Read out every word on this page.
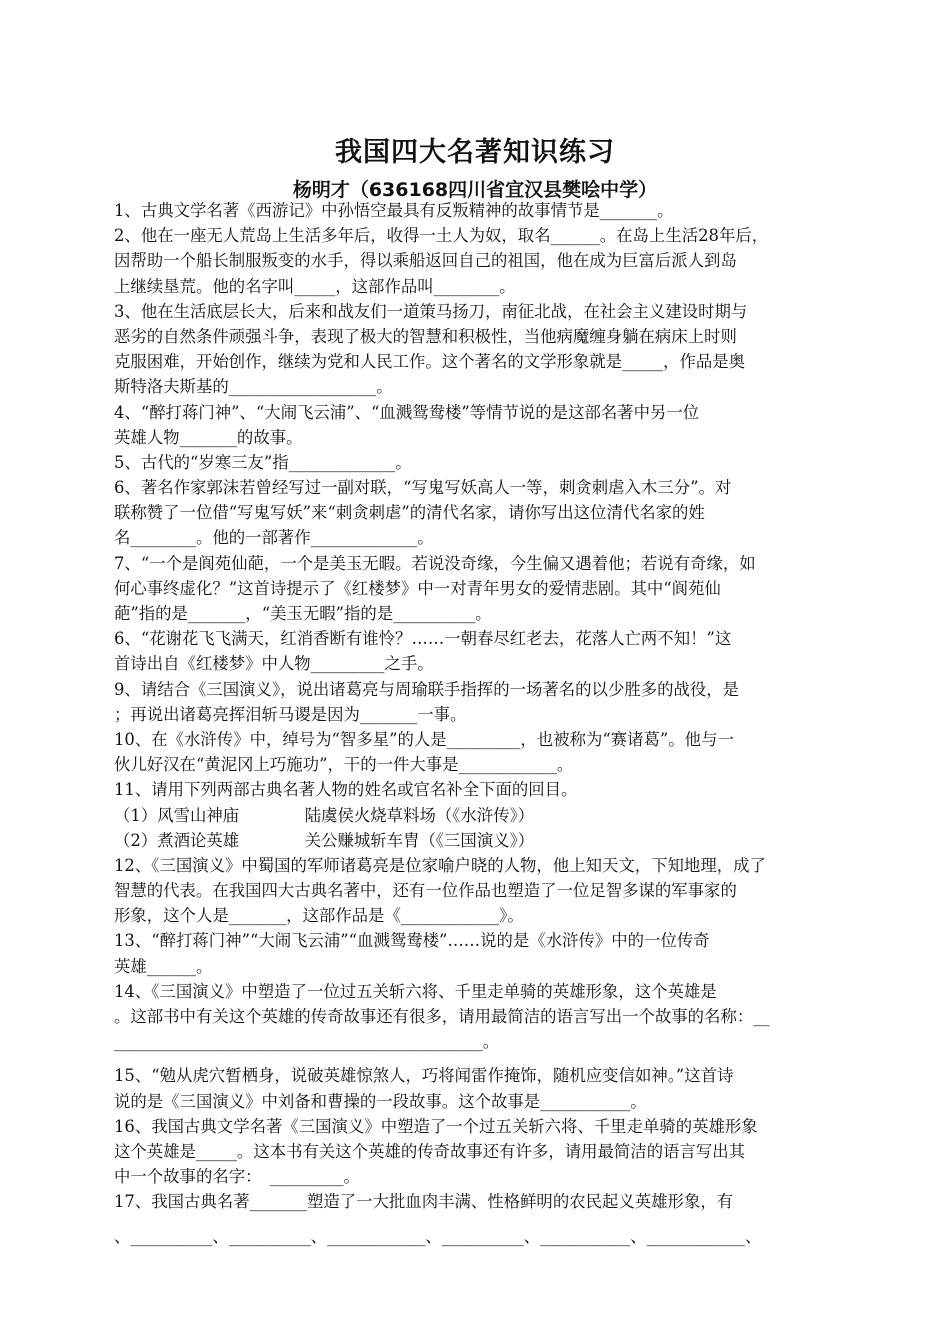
我国四大名著知识练习
杨明才（636168四川省宜汉县樊哙中学）
1、古典文学名著《西游记》中孙悟空最具有反叛精神的故事情节是_______。
2、他在一座无人荒岛上生活多年后，收得一土人为奴，取名______。在岛上生活28年后，
因帮助一个船长制服叛变的水手，得以乘船返回自己的祖国，他在成为巨富后派人到岛
上继续垦荒。他的名字叫_____，这部作品叫________。
3、他在生活底层长大，后来和战友们一道策马扬刀，南征北战，在社会主义建设时期与
恶劣的自然条件顽强斗争，表现了极大的智慧和积极性，当他病魔缠身躺在病床上时则
克服困难，开始创作，继续为党和人民工作。这个著名的文学形象就是_____，作品是奥
斯特洛夫斯基的__________________。
4、“醉打蒋门神”、“大闹飞云浦”、“血溅鸳鸯楼”等情节说的是这部名著中另一位
英雄人物_______的故事。
5、古代的“岁寒三友”指_____________。
6、著名作家郭沫若曾经写过一副对联，“写鬼写妖高人一等，刺贪刺虐入木三分”。对
联称赞了一位借“写鬼写妖”来“刺贪刺虐”的清代名家，请你写出这位清代名家的姓
名________。他的一部著作_____________。
7、“一个是阆苑仙葩，一个是美玉无暇。若说没奇缘，今生偏又遇着他；若说有奇缘，如
何心事终虚化？”这首诗提示了《红楼梦》中一对青年男女的爱情悲剧。其中“阆苑仙
葩”指的是_______，“美玉无暇”指的是__________。
6、“花谢花飞飞满天，红消香断有谁怜？……一朝春尽红老去，花落人亡两不知！”这
首诗出自《红楼梦》中人物_________之手。
9、请结合《三国演义》，说出诸葛亮与周瑜联手指挥的一场著名的以少胜多的战役，是
；再说出诸葛亮挥泪斩马谡是因为_______一事。
10、在《水浒传》中，绰号为“智多星”的人是_________，也被称为“赛诸葛”。他与一
伙儿好汉在“黄泥冈上巧施功”，干的一件大事是____________。
11、请用下列两部古典名著人物的姓名或官名补全下面的回目。
（1）风雪山神庙　　　　陆虞侯火烧草料场（《水浒传》）
（2）煮酒论英雄　　　　关公赚城斩车胄（《三国演义》）
12、《三国演义》中蜀国的军师诸葛亮是位家喻户晓的人物，他上知天文，下知地理，成了
智慧的代表。在我国四大古典名著中，还有一位作品也塑造了一位足智多谋的军事家的
形象，这个人是_______，这部作品是《____________》。
13、“醉打蒋门神”“大闹飞云浦”“血溅鸳鸯楼”……说的是《水浒传》中的一位传奇
英雄______。
14、《三国演义》中塑造了一位过五关斩六将、千里走单骑的英雄形象，这个英雄是
。这部书中有关这个英雄的传奇故事还有很多，请用最简洁的语言写出一个故事的名称：__
_____________________________________________。
15、“勉从虎穴暂栖身，说破英雄惊煞人，巧将闻雷作掩饰，随机应变信如神。”这首诗
说的是《三国演义》中刘备和曹操的一段故事。这个故事是___________。
16、我国古典文学名著《三国演义》中塑造了一个过五关斩六将、千里走单骑的英雄形象
这个英雄是_____。这本书有关这个英雄的传奇故事还有许多，请用最简洁的语言写出其
中一个故事的名字：　_________。
17、我国古典名著_______塑造了一大批血肉丰满、性格鲜明的农民起义英雄形象，有
、__________、__________、____________、__________、___________、____________、
